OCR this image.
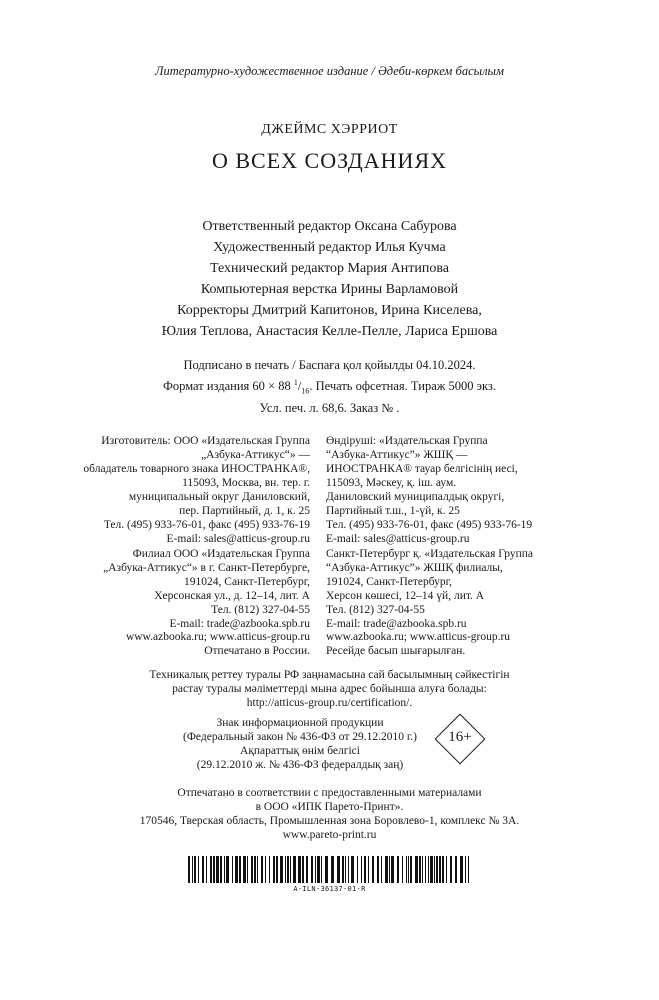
Литературно-художественное издание / Әдеби-көркем басылым
ДЖЕЙМС ХЭРРИОТ
О ВСЕХ СОЗДАНИЯХ
Ответственный редактор Оксана Сабурова
Художественный редактор Илья Кучма
Технический редактор Мария Антипова
Компьютерная верстка Ирины Варламовой
Корректоры Дмитрий Капитонов, Ирина Киселева,
Юлия Теплова, Анастасия Келле-Пелле, Лариса Ершова
Подписано в печать / Баспаға қол қойылды 04.10.2024.
Формат издания 60 × 88 $^1/_{16}$. Печать офсетная. Тираж 5000 экз.
Усл. печ. л. 68,6. Заказ № .
Изготовитель: ООО «Издательская Группа
„Азбука-Аттикус“» —
обладатель товарного знака ИНОСТРАНКА®,
115093, Москва, вн. тер. г.
муниципальный округ Даниловский,
пер. Партийный, д. 1, к. 25
Тел. (495) 933-76-01, факс (495) 933-76-19
E-mail: sales@atticus-group.ru
Өндіруші: «Издательская Группа
“Азбука-Аттикус”» ЖШҚ —
ИНОСТРАНКА® тауар белгісінің иесі,
115093, Мәскеу, қ. іш. аум.
Даниловский муниципалдық округі,
Партийный т.ш., 1-үй, к. 25
Тел. (495) 933-76-01, факс (495) 933-76-19
E-mail: sales@atticus-group.ru
Филиал ООО «Издательская Группа
„Азбука-Аттикус“» в г. Санкт-Петербурге,
191024, Санкт-Петербург,
Херсонская ул., д. 12–14, лит. А
Тел. (812) 327-04-55
E-mail: trade@azbooka.spb.ru
Санкт-Петербург қ. «Издательская Группа
“Азбука-Аттикус”» ЖШҚ филиалы,
191024, Санкт-Петербург,
Херсон көшесі, 12–14 үй, лит. А
Тел. (812) 327-04-55
E-mail: trade@azbooka.spb.ru
www.azbooka.ru; www.atticus-group.ru
Отпечатано в России.
www.azbooka.ru; www.atticus-group.ru
Ресейде басып шығарылған.
Техникалық реттеу туралы РФ заңнамасына сай басылымның сәйкестігін
растау туралы мәліметтерді мына адрес бойынша алуға болады:
http://atticus-group.ru/certification/.
Знак информационной продукции
(Федеральный закон № 436-ФЗ от 29.12.2010 г.)
Ақпараттық өнім белгісі
(29.12.2010 ж. № 436-ФЗ федералдық заң)
16+
Отпечатано в соответствии с предоставленными материалами
в ООО «ИПК Парето-Принт».
170546, Тверская область, Промышленная зона Боровлево-1, комплекс № 3А.
www.pareto-print.ru
A-ILN-36137-01-R
